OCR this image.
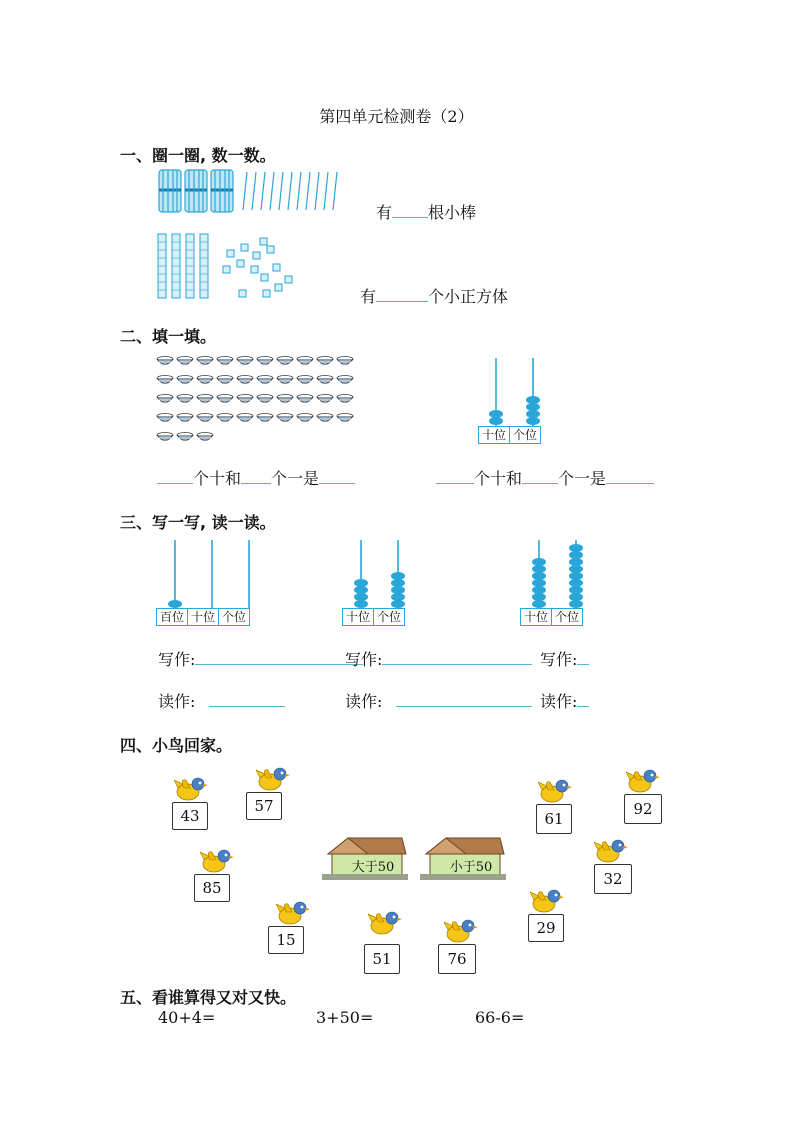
第四单元检测卷（2）
一、圈一圈, 数一数。
有 根小棒
有	个小正方体
二、填一填。
十位 个位
个十和 个一是	个十和 个一是
三、写一写, 读一读。
百位 十位 个位	十位 个位	十位 个位
写作:	写作:	写作:
读作:	读作:	读作:
四、小鸟回家。
大于50	小于50
43
57
85
15
51	76
29
61
92
32
五、看谁算得又对又快。
40+4=	3+50=	66-6=
